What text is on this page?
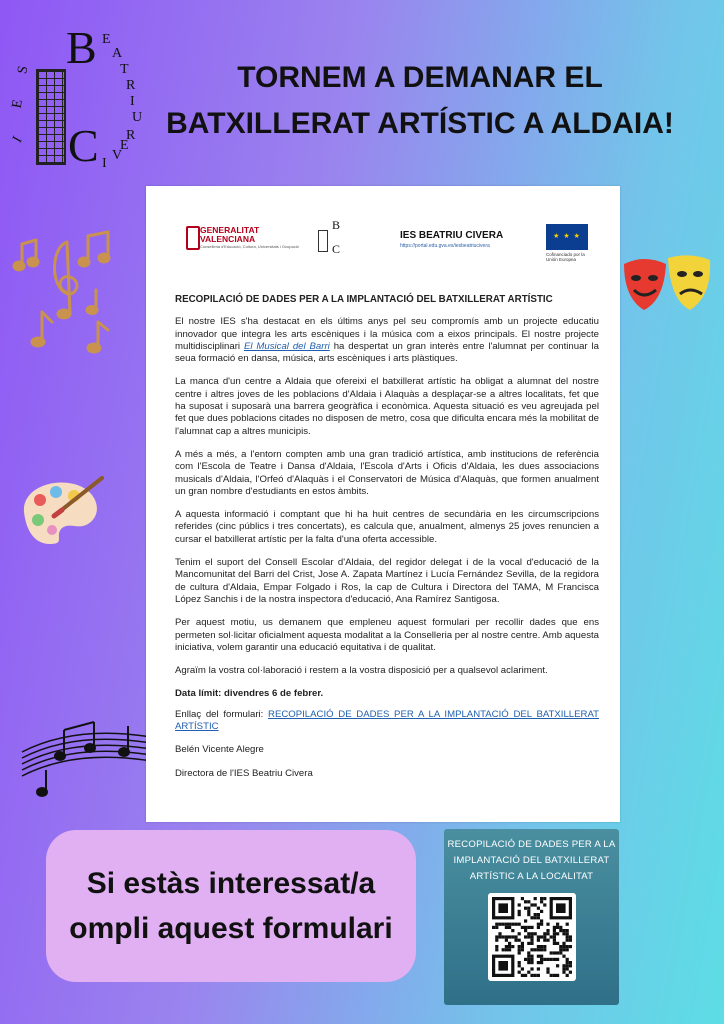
B
C
S
E
I
E
A
T
R
I
U
I
V
E
R
TORNEM A DEMANAR EL
BATXILLERAT ARTÍSTIC A ALDAIA!
GENERALITAT
VALENCIANA
Conselleria d'Educació, Cultura, Universitats i Ocupació
B
C
IES BEATRIU CIVERA
https://portal.edu.gva.es/iesbeatriucivera
★ ★ ★
Cofinanciado por la Unión Europea

RECOPILACIÓ DE DADES PER A LA IMPLANTACIÓ DEL BATXILLERAT ARTÍSTIC

El nostre IES s'ha destacat en els últims anys pel seu compromís amb un projecte educatiu innovador que integra les arts escèniques i la música com a eixos principals. El nostre projecte multidisciplinari El Musical del Barri ha despertat un gran interès entre l'alumnat per continuar la seua formació en dansa, música, arts escèniques i arts plàstiques.

La manca d'un centre a Aldaia que ofereixi el batxillerat artístic ha obligat a alumnat del nostre centre i altres joves de les poblacions d'Aldaia i Alaquàs a desplaçar-se a altres localitats, fet que ha suposat i suposarà una barrera geogràfica i econòmica. Aquesta situació es veu agreujada pel fet que dues poblacions citades no disposen de metro, cosa que dificulta encara més la mobilitat de l'alumnat cap a altres municipis.

A més a més, a l'entorn compten amb una gran tradició artística, amb institucions de referència com l'Escola de Teatre i Dansa d'Aldaia, l'Escola d'Arts i Oficis d'Aldaia, les dues associacions musicals d'Aldaia, l'Orfeó d'Alaquàs i el Conservatori de Música d'Alaquàs, que formen anualment un gran nombre d'estudiants en estos àmbits.

A aquesta informació i comptant que hi ha huit centres de secundària en les circumscripcions referides (cinc públics i tres concertats), es calcula que, anualment, almenys 25 joves renuncien a cursar el batxillerat artístic per la falta d'una oferta accessible.

Tenim el suport del Consell Escolar d'Aldaia, del regidor delegat i de la vocal d'educació de la Mancomunitat del Barri del Crist, Jose A. Zapata Martínez i Lucía Fernández Sevilla, de la regidora de cultura d'Aldaia, Empar Folgado i Ros, la cap de Cultura i Directora del TAMA, M Francisca López Sanchis i de la nostra inspectora d'educació, Ana Ramírez Santigosa.

Per aquest motiu, us demanem que empleneu aquest formulari per recollir dades que ens permeten sol·licitar oficialment aquesta modalitat a la Conselleria per al nostre centre. Amb aquesta iniciativa, volem garantir una educació equitativa i de qualitat.

Agraïm la vostra col·laboració i restem a la vostra disposició per a qualsevol aclariment.

Data límit: divendres 6 de febrer.

Enllaç del formulari: RECOPILACIÓ DE DADES PER A LA IMPLANTACIÓ DEL BATXILLERAT ARTÍSTIC

Belén Vicente Alegre

Directora de l'IES Beatriu Civera

Si estàs interessat/a ompli aquest formulari
RECOPILACIÓ DE DADES PER A LA IMPLANTACIÓ DEL BATXILLERAT ARTÍSTIC A LA LOCALITAT
